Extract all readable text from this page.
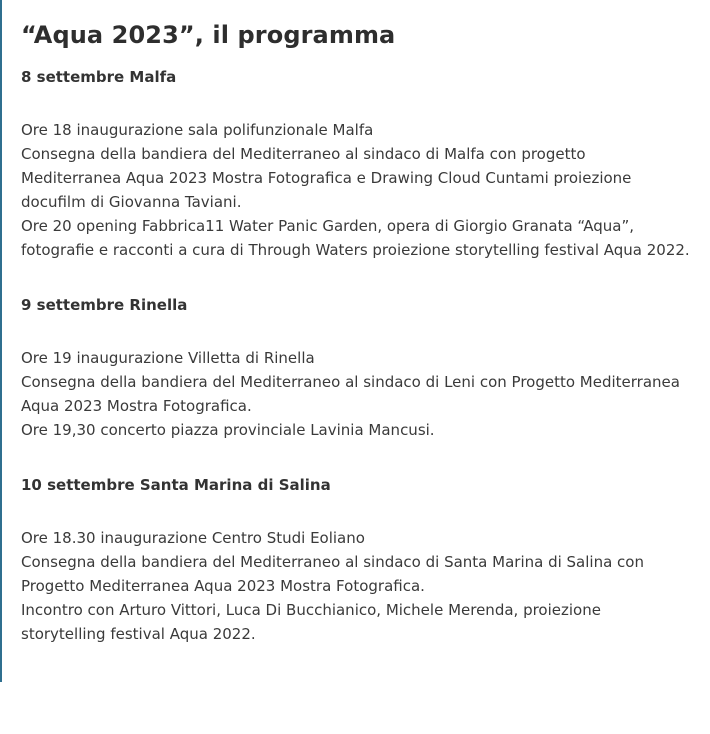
“Aqua 2023”, il programma
8 settembre Malfa

Ore 18 inaugurazione sala polifunzionale Malfa
Consegna della bandiera del Mediterraneo al sindaco di Malfa con progetto
Mediterranea Aqua 2023 Mostra Fotografica e Drawing Cloud Cuntami proiezione
docufilm di Giovanna Taviani.
Ore 20 opening Fabbrica11 Water Panic Garden, opera di Giorgio Granata “Aqua”,
fotografie e racconti a cura di Through Waters proiezione storytelling festival Aqua 2022.

9 settembre Rinella

Ore 19 inaugurazione Villetta di Rinella
Consegna della bandiera del Mediterraneo al sindaco di Leni con Progetto Mediterranea
Aqua 2023 Mostra Fotografica.
Ore 19,30 concerto piazza provinciale Lavinia Mancusi.

10 settembre Santa Marina di Salina

Ore 18.30 inaugurazione Centro Studi Eoliano
Consegna della bandiera del Mediterraneo al sindaco di Santa Marina di Salina con
Progetto Mediterranea Aqua 2023 Mostra Fotografica.
Incontro con Arturo Vittori, Luca Di Bucchianico, Michele Merenda, proiezione
storytelling festival Aqua 2022.
